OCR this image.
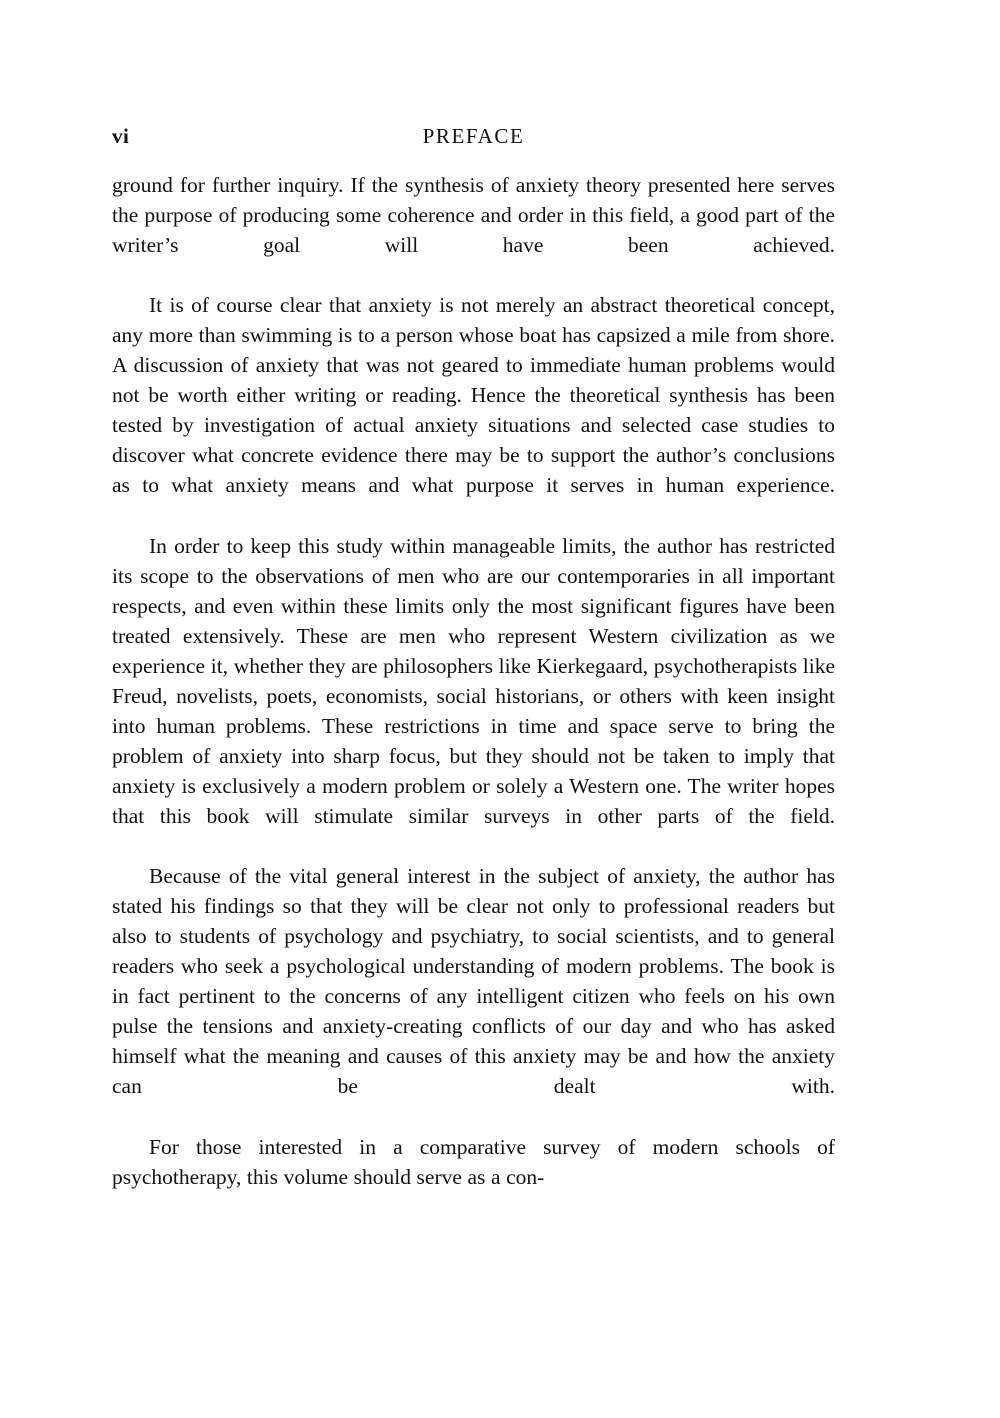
vi	PREFACE

ground for further inquiry. If the synthesis of anxiety theory presented here serves the purpose of producing some coherence and order in this field, a good part of the writer’s goal will have been achieved.

It is of course clear that anxiety is not merely an abstract theoretical concept, any more than swimming is to a person whose boat has capsized a mile from shore. A discussion of anxiety that was not geared to immediate human problems would not be worth either writing or reading. Hence the theoretical synthesis has been tested by investigation of actual anxiety situations and selected case studies to discover what concrete evidence there may be to support the author’s conclusions as to what anxiety means and what purpose it serves in human experience.

In order to keep this study within manageable limits, the author has restricted its scope to the observations of men who are our contemporaries in all important respects, and even within these limits only the most significant figures have been treated extensively. These are men who represent Western civilization as we experience it, whether they are philosophers like Kierkegaard, psychotherapists like Freud, novelists, poets, economists, social historians, or others with keen insight into human problems. These restrictions in time and space serve to bring the problem of anxiety into sharp focus, but they should not be taken to imply that anxiety is exclusively a modern problem or solely a Western one. The writer hopes that this book will stimulate similar surveys in other parts of the field.

Because of the vital general interest in the subject of anxiety, the author has stated his findings so that they will be clear not only to professional readers but also to students of psychology and psychiatry, to social scientists, and to general readers who seek a psychological understanding of modern problems. The book is in fact pertinent to the concerns of any intelligent citizen who feels on his own pulse the tensions and anxiety-creating conflicts of our day and who has asked himself what the meaning and causes of this anxiety may be and how the anxiety can be dealt with.

For those interested in a comparative survey of modern schools of psychotherapy, this volume should serve as a con-
